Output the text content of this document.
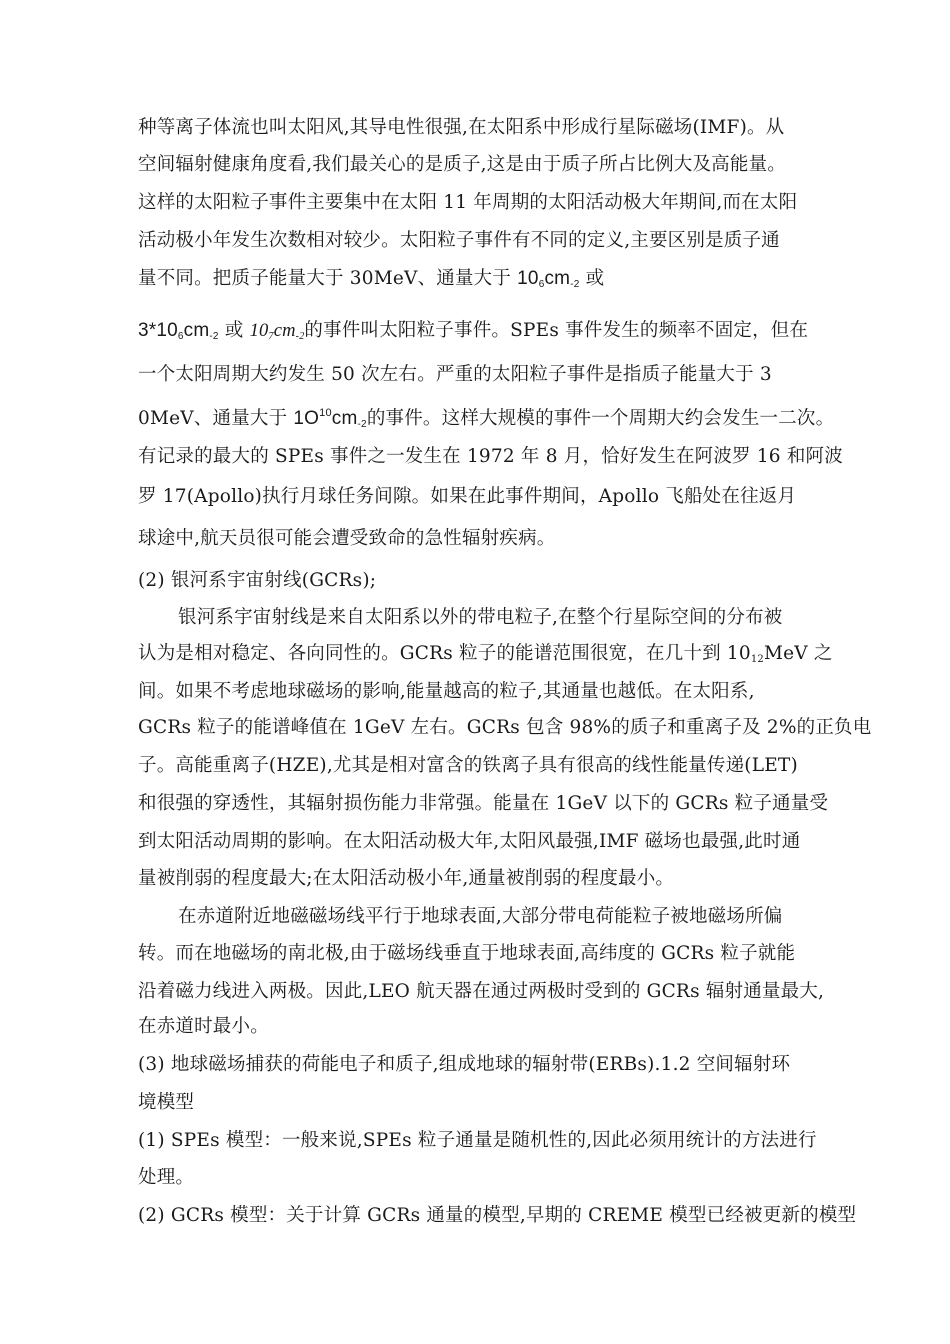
种等离子体流也叫太阳风,其导电性很强,在太阳系中形成行星际磁场(IMF)。从
空间辐射健康角度看,我们最关心的是质子,这是由于质子所占比例大及高能量。
这样的太阳粒子事件主要集中在太阳 11 年周期的太阳活动极大年期间,而在太阳
活动极小年发生次数相对较少。太阳粒子事件有不同的定义,主要区别是质子通
量不同。把质子能量大于 30MeV、通量大于 106cm-2 或
3*106cm-2 或 107cm-2的事件叫太阳粒子事件。SPEs 事件发生的频率不固定，但在
一个太阳周期大约发生 50 次左右。严重的太阳粒子事件是指质子能量大于 3
0MeV、通量大于 $1O^{10}cm-2$的事件。这样大规模的事件一个周期大约会发生一二次。
有记录的最大的 SPEs 事件之一发生在 1972 年 8 月，恰好发生在阿波罗 16 和阿波
罗 17(Apollo)执行月球任务间隙。如果在此事件期间，Apollo 飞船处在往返月
球途中,航天员很可能会遭受致命的急性辐射疾病。
(2) 银河系宇宙射线(GCRs);
银河系宇宙射线是来自太阳系以外的带电粒子,在整个行星际空间的分布被
认为是相对稳定、各向同性的。GCRs 粒子的能谱范围很宽，在几十到 1012MeV 之
间。如果不考虑地球磁场的影响,能量越高的粒子,其通量也越低。在太阳系,
GCRs 粒子的能谱峰值在 1GeV 左右。GCRs 包含 98%的质子和重离子及 2%的正负电
子。高能重离子(HZE),尤其是相对富含的铁离子具有很高的线性能量传递(LET)
和很强的穿透性，其辐射损伤能力非常强。能量在 1GeV 以下的 GCRs 粒子通量受
到太阳活动周期的影响。在太阳活动极大年,太阳风最强,IMF 磁场也最强,此时通
量被削弱的程度最大;在太阳活动极小年,通量被削弱的程度最小。
在赤道附近地磁磁场线平行于地球表面,大部分带电荷能粒子被地磁场所偏
转。而在地磁场的南北极,由于磁场线垂直于地球表面,高纬度的 GCRs 粒子就能
沿着磁力线进入两极。因此,LEO 航天器在通过两极时受到的 GCRs 辐射通量最大,
在赤道时最小。
(3) 地球磁场捕获的荷能电子和质子,组成地球的辐射带(ERBs).1.2 空间辐射环
境模型
(1) SPEs 模型：一般来说,SPEs 粒子通量是随机性的,因此必须用统计的方法进行
处理。
(2) GCRs 模型：关于计算 GCRs 通量的模型,早期的 CREME 模型已经被更新的模型
